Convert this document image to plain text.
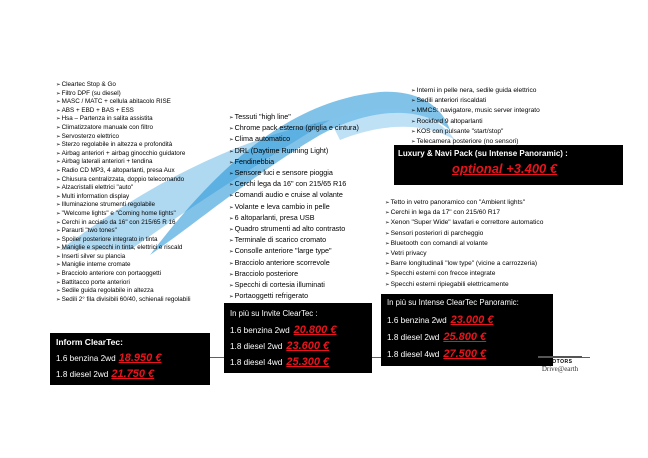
➢ Cleartec Stop & Go
➢ Filtro DPF (su diesel)
➢ MASC / MATC + cellula abitacolo RISE
➢ ABS + EBD + BAS + ESS
➢ Hsa – Partenza in salita assistita
➢ Climatizzatore manuale con filtro
➢ Servosterzo elettrico
➢ Sterzo regolabile in altezza e profondità
➢ Airbag anteriori + airbag ginocchio guidatore
➢ Airbag laterali anteriori + tendina
➢ Radio CD MP3, 4 altoparlanti, presa Aux
➢ Chiusura centralizzata, doppio telecomando
➢ Alzacristalli elettrici "auto"
➢ Multi information display
➢ Illuminazione strumenti regolabile
➢ "Welcome lights" e "Coming home lights"
➢ Cerchi in acciaio da 16" con 215/65 R 16
➢ Paraurti "two tones"
➢ Spoiler posteriore integrato in tinta
➢ Maniglie e specchi in tinta, elettrici e riscald
➢ Inserti silver su plancia
➢ Maniglie interne cromate
➢ Bracciolo anteriore con portaoggetti
➢ Battitacco porte anteriori
➢ Sedile guida regolabile in altezza
➢ Sedili 2° fila divisibili 60/40, schienali regolabili
➢ Tessuti "high line"
➢ Chrome pack esterno (griglia e cintura)
➢ Clima automatico
➢ DRL (Daytime Running Light)
➢ Fendinebbia
➢ Sensore luci e sensore pioggia
➢ Cerchi lega da 16" con 215/65 R16
➢ Comandi audio e cruise al volante
➢ Volante e leva cambio in pelle
➢ 6 altoparlanti, presa USB
➢ Quadro strumenti ad alto contrasto
➢ Terminale di scarico cromato
➢ Consolle anteriore "large type"
➢ Bracciolo anteriore scorrevole
➢ Bracciolo posteriore
➢ Specchi di cortesia illuminati
➢ Portaoggetti refrigerato
➢ Interni in pelle nera, sedile guida elettrico
➢ Sedili anteriori riscaldati
➢ MMCS: navigatore, music server integrato
➢ Rockford 9 altoparlanti
➢ KOS con pulsante "start/stop"
➢ Telecamera posteriore (no sensori)
Luxury & Navi Pack (su Intense Panoramic) :
optional +3.400 €
➢ Tetto in vetro panoramico con "Ambient lights"
➢ Cerchi in lega da 17" con 215/60 R17
➢ Xenon "Super Wide" lavafari e correttore automatico
➢ Sensori posteriori di parcheggio
➢ Bluetooth con comandi al volante
➢ Vetri privacy
➢ Barre longitudinali "low type" (vicine a carrozzeria)
➢ Specchi esterni con frecce integrate
➢ Specchi esterni ripiegabili elettricamente
Inform ClearTec:
1.6 benzina 2wd 18.950 €
1.8 diesel 2wd 21.750 €
In più su Invite ClearTec :
1.6 benzina 2wd 20.800 €
1.8 diesel 2wd 23.600 €
1.8 diesel 4wd 25.300 €
In più su Intense ClearTec Panoramic:
1.6 benzina 2wd 23.000 €
1.8 diesel 2wd 25.800 €
1.8 diesel 4wd 27.500 €
MOTORS
Drive@earth
